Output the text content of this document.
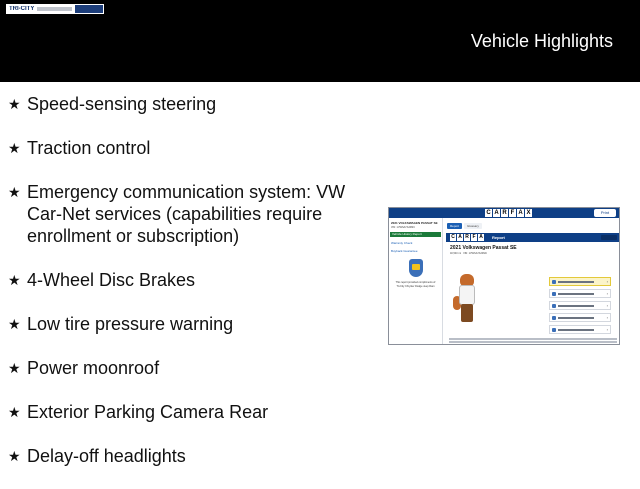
TRI-CITY
Vehicle Highlights
★ Speed-sensing steering
★ Traction control
★ Emergency communication system: VW Car-Net services (capabilities require enrollment or subscription)
★ 4-Wheel Disc Brakes
★ Low tire pressure warning
★ Power moonroof
★ Exterior Parking Camera Rear
★ Delay-off headlights
C A R F A X	Print
2021 VOLKSWAGEN PASSAT SE
VIN: 1VWSA7A34MC
Vehicle History Report
Warranty Check
Buyback Guarantee
This report provided compliments of
Tri-City Chrysler Dodge Jeep Ram
Report	Glossary
C A R F A Report
2021 Volkswagen Passat SE
40,540 mi   VIN: 1VWSA7A34MC
›
›
›
›
›
